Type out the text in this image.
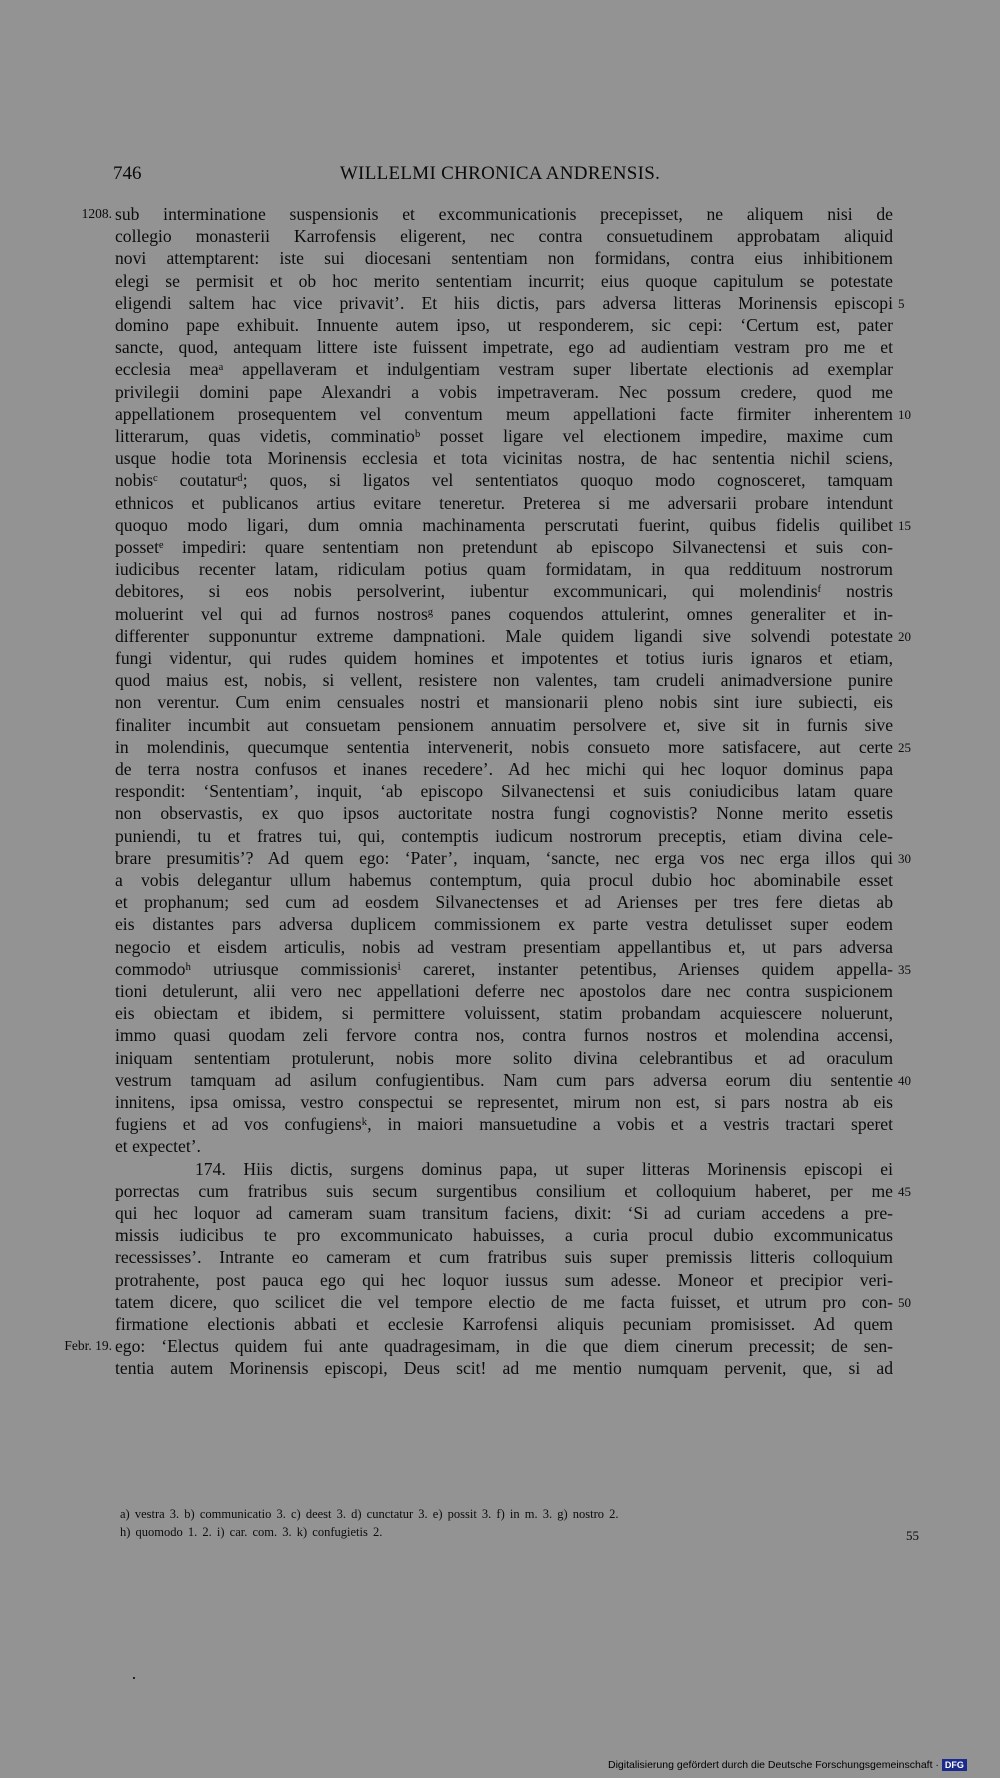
746	WILLELMI CHRONICA ANDRENSIS.
sub interminatione suspensionis et excommunicationis precepisset, ne aliquem nisi de
collegio monasterii Karrofensis eligerent, nec contra consuetudinem approbatam aliquid
novi attemptarent: iste sui diocesani sententiam non formidans, contra eius inhibitionem
elegi se permisit et ob hoc merito sententiam incurrit; eius quoque capitulum se potestate
eligendi saltem hac vice privavit’. Et hiis dictis, pars adversa litteras Morinensis episcopi
domino pape exhibuit. Innuente autem ipso, ut responderem, sic cepi: ‘Certum est, pater
sancte, quod, antequam littere iste fuissent impetrate, ego ad audientiam vestram pro me et
ecclesia meaᵃ appellaveram et indulgentiam vestram super libertate electionis ad exemplar
privilegii domini pape Alexandri a vobis impetraveram. Nec possum credere, quod me
appellationem prosequentem vel conventum meum appellationi facte firmiter inherentem
litterarum, quas videtis, comminatioᵇ posset ligare vel electionem impedire, maxime cum
usque hodie tota Morinensis ecclesia et tota vicinitas nostra, de hac sententia nichil sciens,
nobisᶜ coutaturᵈ; quos, si ligatos vel sententiatos quoquo modo cognosceret, tamquam
ethnicos et publicanos artius evitare teneretur. Preterea si me adversarii probare intendunt
quoquo modo ligari, dum omnia machinamenta perscrutati fuerint, quibus fidelis quilibet
possetᵉ impediri: quare sententiam non pretendunt ab episcopo Silvanectensi et suis con-
iudicibus recenter latam, ridiculam potius quam formidatam, in qua reddituum nostrorum
debitores, si eos nobis persolverint, iubentur excommunicari, qui molendinisᶠ nostris
moluerint vel qui ad furnos nostrosᵍ panes coquendos attulerint, omnes generaliter et in-
differenter supponuntur extreme dampnationi. Male quidem ligandi sive solvendi potestate
fungi videntur, qui rudes quidem homines et impotentes et totius iuris ignaros et etiam,
quod maius est, nobis, si vellent, resistere non valentes, tam crudeli animadversione punire
non verentur. Cum enim censuales nostri et mansionarii pleno nobis sint iure subiecti, eis
finaliter incumbit aut consuetam pensionem annuatim persolvere et, sive sit in furnis sive
in molendinis, quecumque sententia intervenerit, nobis consueto more satisfacere, aut certe
de terra nostra confusos et inanes recedere’. Ad hec michi qui hec loquor dominus papa
respondit: ‘Sententiam’, inquit, ‘ab episcopo Silvanectensi et suis coniudicibus latam quare
non observastis, ex quo ipsos auctoritate nostra fungi cognovistis? Nonne merito essetis
puniendi, tu et fratres tui, qui, contemptis iudicum nostrorum preceptis, etiam divina cele-
brare presumitis’? Ad quem ego: ‘Pater’, inquam, ‘sancte, nec erga vos nec erga illos qui
a vobis delegantur ullum habemus contemptum, quia procul dubio hoc abominabile esset
et prophanum; sed cum ad eosdem Silvanectenses et ad Arienses per tres fere dietas ab
eis distantes pars adversa duplicem commissionem ex parte vestra detulisset super eodem
negocio et eisdem articulis, nobis ad vestram presentiam appellantibus et, ut pars adversa
commodoʰ utriusque commissionisⁱ careret, instanter petentibus, Arienses quidem appella-
tioni detulerunt, alii vero nec appellationi deferre nec apostolos dare nec contra suspicionem
eis obiectam et ibidem, si permittere voluissent, statim probandam acquiescere noluerunt,
immo quasi quodam zeli fervore contra nos, contra furnos nostros et molendina accensi,
iniquam sententiam protulerunt, nobis more solito divina celebrantibus et ad oraculum
vestrum tamquam ad asilum confugientibus. Nam cum pars adversa eorum diu sententie
innitens, ipsa omissa, vestro conspectui se representet, mirum non est, si pars nostra ab eis
fugiens et ad vos confugiensᵏ, in maiori mansuetudine a vobis et a vestris tractari speret
et expectet’.
174. Hiis dictis, surgens dominus papa, ut super litteras Morinensis episcopi ei
porrectas cum fratribus suis secum surgentibus consilium et colloquium haberet, per me
qui hec loquor ad cameram suam transitum faciens, dixit: ‘Si ad curiam accedens a pre-
missis iudicibus te pro excommunicato habuisses, a curia procul dubio excommunicatus
recessisses’. Intrante eo cameram et cum fratribus suis super premissis litteris colloquium
protrahente, post pauca ego qui hec loquor iussus sum adesse. Moneor et precipior veri-
tatem dicere, quo scilicet die vel tempore electio de me facta fuisset, et utrum pro con-
firmatione electionis abbati et ecclesie Karrofensi aliquis pecuniam promisisset. Ad quem
ego: ‘Electus quidem fui ante quadragesimam, in die que diem cinerum precessit; de sen-
tentia autem Morinensis episcopi, Deus scit! ad me mentio numquam pervenit, que, si ad
5
10
15
20
25
30
35
40
45
50
1208.
Febr. 19.
a) vestra 3. b) communicatio 3. c) deest 3. d) cunctatur 3. e) possit 3. f) in m. 3. g) nostro 2.
h) quomodo 1. 2. i) car. com. 3. k) confugietis 2.	55
Digitalisierung gefördert durch die Deutsche Forschungsgemeinschaft · DFG
